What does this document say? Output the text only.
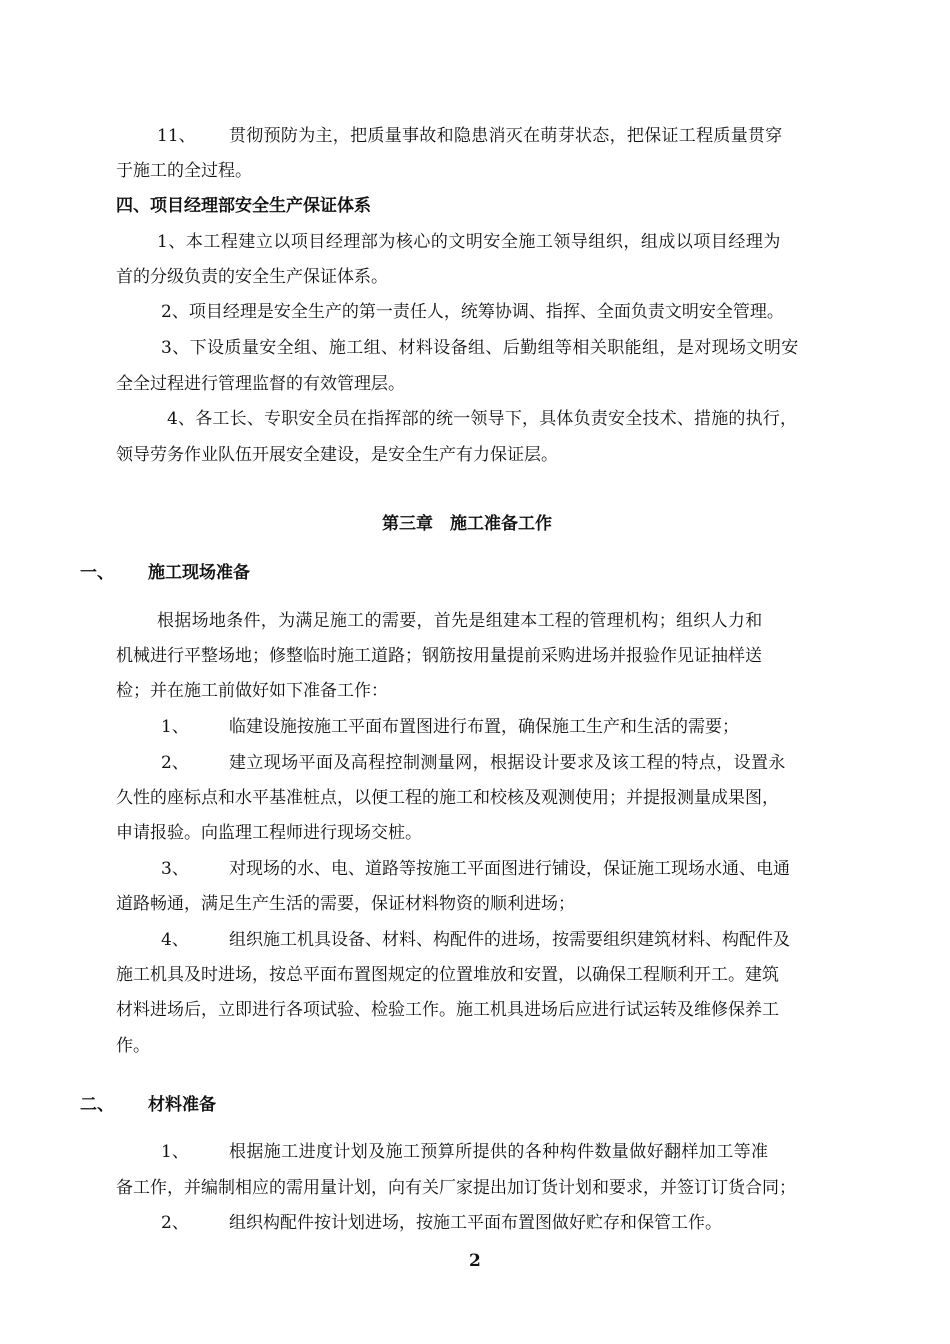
11、 贯彻预防为主，把质量事故和隐患消灭在萌芽状态，把保证工程质量贯穿
于施工的全过程。
四、项目经理部安全生产保证体系
1、本工程建立以项目经理部为核心的文明安全施工领导组织，组成以项目经理为
首的分级负责的安全生产保证体系。
2、项目经理是安全生产的第一责任人，统筹协调、指挥、全面负责文明安全管理。
3、下设质量安全组、施工组、材料设备组、后勤组等相关职能组，是对现场文明安
全全过程进行管理监督的有效管理层。
4、各工长、专职安全员在指挥部的统一领导下，具体负责安全技术、措施的执行，
领导劳务作业队伍开展安全建设，是安全生产有力保证层。
第三章　施工准备工作
一、 施工现场准备
根据场地条件，为满足施工的需要，首先是组建本工程的管理机构；组织人力和
机械进行平整场地；修整临时施工道路；钢筋按用量提前采购进场并报验作见证抽样送
检；并在施工前做好如下准备工作：
1、 临建设施按施工平面布置图进行布置，确保施工生产和生活的需要；
2、 建立现场平面及高程控制测量网，根据设计要求及该工程的特点，设置永
久性的座标点和水平基准桩点，以便工程的施工和校核及观测使用；并提报测量成果图，
申请报验。向监理工程师进行现场交桩。
3、 对现场的水、电、道路等按施工平面图进行铺设，保证施工现场水通、电通
道路畅通，满足生产生活的需要，保证材料物资的顺利进场；
4、 组织施工机具设备、材料、构配件的进场，按需要组织建筑材料、构配件及
施工机具及时进场，按总平面布置图规定的位置堆放和安置，以确保工程顺利开工。建筑
材料进场后，立即进行各项试验、检验工作。施工机具进场后应进行试运转及维修保养工
作。
二、 材料准备
1、 根据施工进度计划及施工预算所提供的各种构件数量做好翻样加工等准
备工作，并编制相应的需用量计划，向有关厂家提出加订货计划和要求，并签订订货合同；
2、 组织构配件按计划进场，按施工平面布置图做好贮存和保管工作。
2
